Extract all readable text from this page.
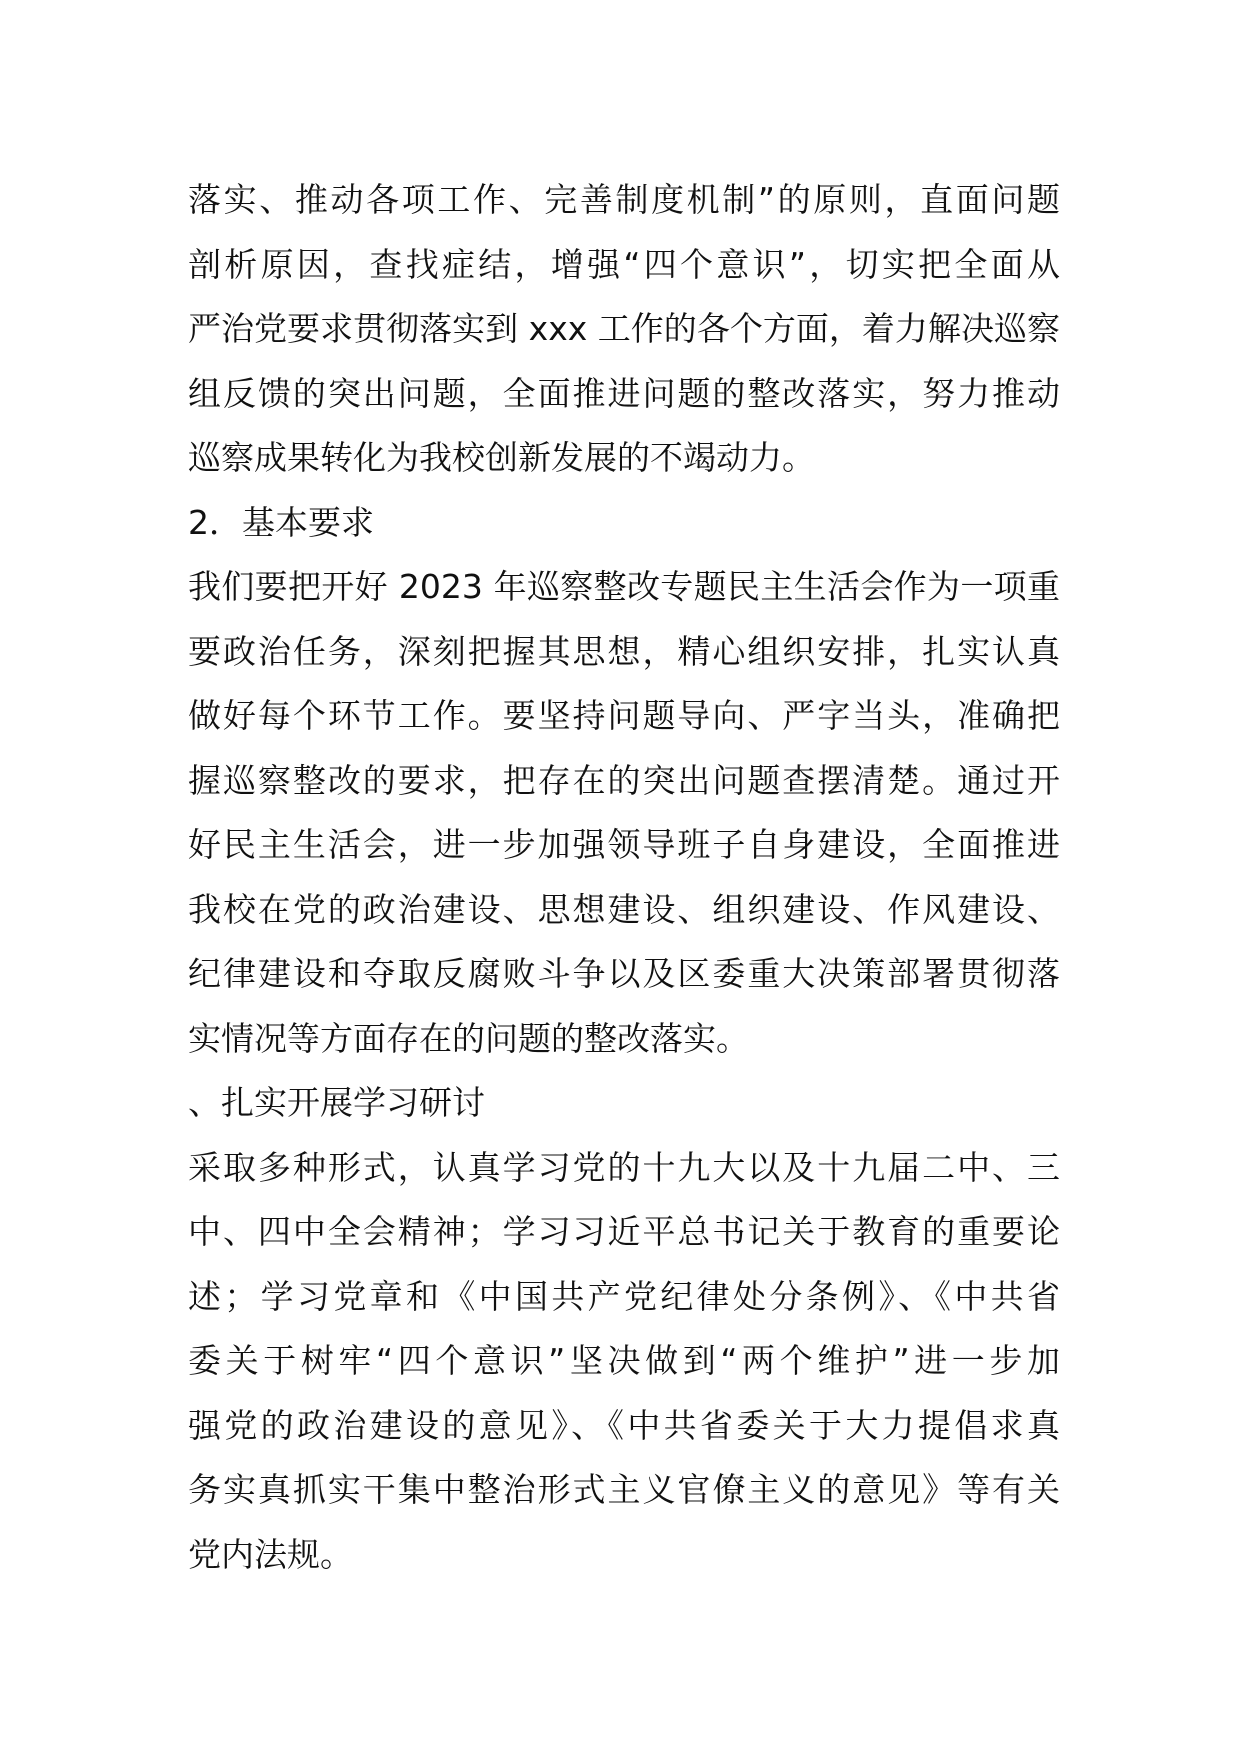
落实、推动各项工作、完善制度机制”的原则，直面问题
剖析原因，查找症结，增强“四个意识”，切实把全面从
严治党要求贯彻落实到 xxx 工作的各个方面，着力解决巡察
组反馈的突出问题，全面推进问题的整改落实，努力推动
巡察成果转化为我校创新发展的不竭动力。
2．基本要求
我们要把开好 2023 年巡察整改专题民主生活会作为一项重
要政治任务，深刻把握其思想，精心组织安排，扎实认真
做好每个环节工作。要坚持问题导向、严字当头，准确把
握巡察整改的要求，把存在的突出问题查摆清楚。通过开
好民主生活会，进一步加强领导班子自身建设，全面推进
我校在党的政治建设、思想建设、组织建设、作风建设、
纪律建设和夺取反腐败斗争以及区委重大决策部署贯彻落
实情况等方面存在的问题的整改落实。
、扎实开展学习研讨
采取多种形式，认真学习党的十九大以及十九届二中、三
中、四中全会精神；学习习近平总书记关于教育的重要论
述；学习党章和《中国共产党纪律处分条例》、《中共省
委关于树牢“四个意识”坚决做到“两个维护”进一步加
强党的政治建设的意见》、《中共省委关于大力提倡求真
务实真抓实干集中整治形式主义官僚主义的意见》等有关
党内法规。
